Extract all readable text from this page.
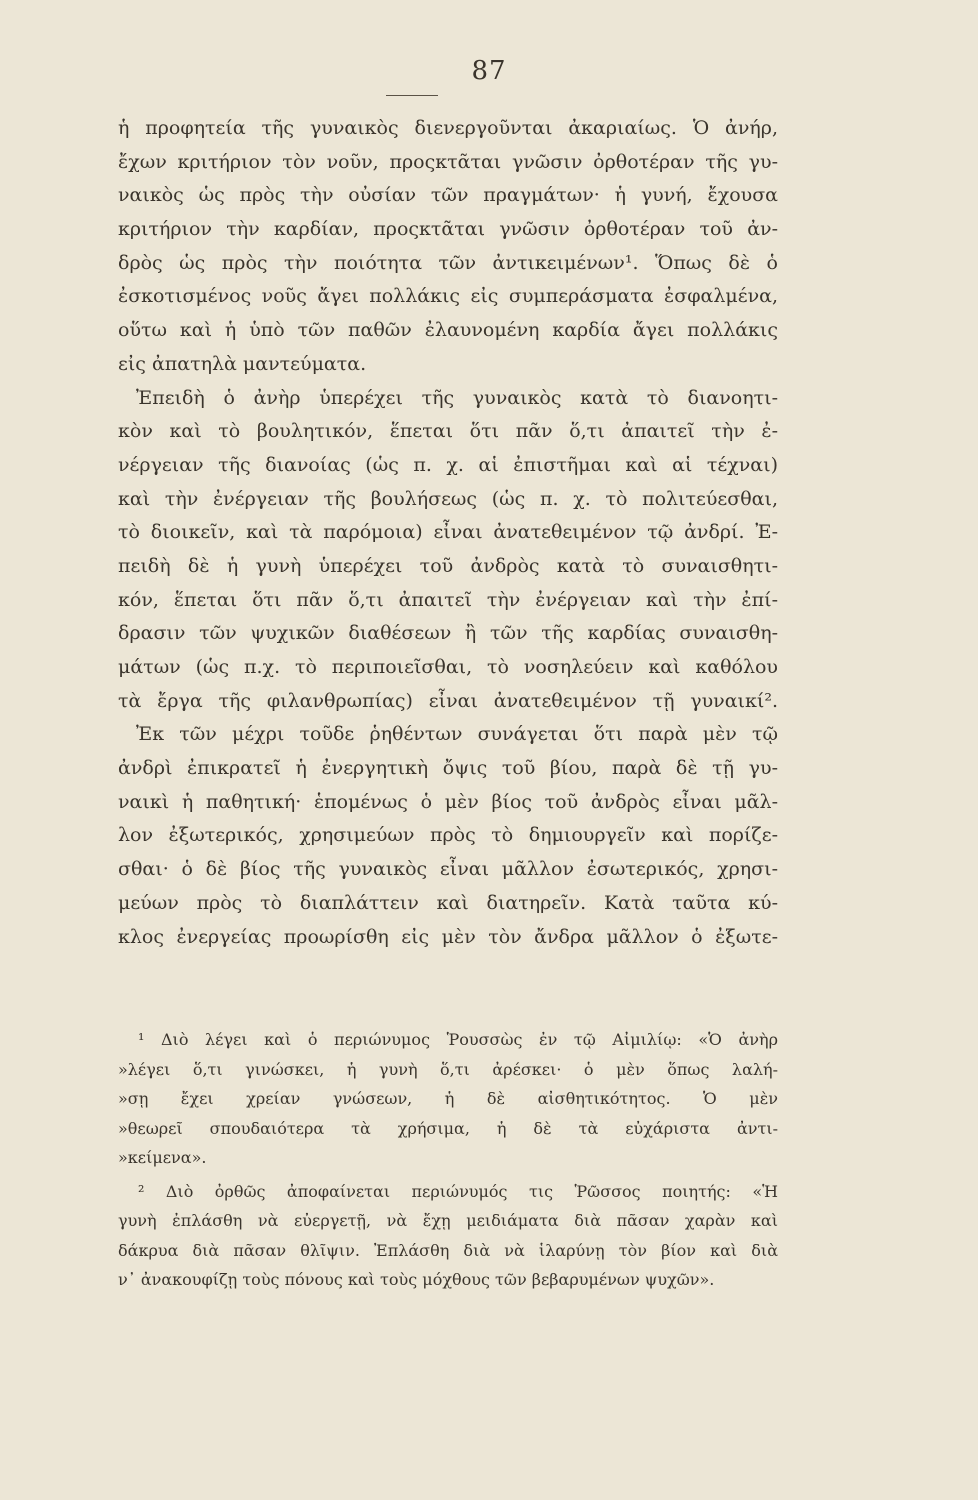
87
ἡ προφητεία τῆς γυναικὸς διενεργοῦνται ἀκαριαίως. Ὁ ἀνήρ,
ἔχων κριτήριον τὸν νοῦν, προςκτᾶται γνῶσιν ὀρθοτέραν τῆς γυ-
ναικὸς ὡς πρὸς τὴν οὐσίαν τῶν πραγμάτων· ἡ γυνή, ἔχουσα
κριτήριον τὴν καρδίαν, προςκτᾶται γνῶσιν ὀρθοτέραν τοῦ ἀν-
δρὸς ὡς πρὸς τὴν ποιότητα τῶν ἀντικειμένων¹. Ὅπως δὲ ὁ
ἐσκοτισμένος νοῦς ἄγει πολλάκις εἰς συμπεράσματα ἐσφαλμένα,
οὕτω καὶ ἡ ὑπὸ τῶν παθῶν ἐλαυνομένη καρδία ἄγει πολλάκις
εἰς ἀπατηλὰ μαντεύματα.
Ἐπειδὴ ὁ ἀνὴρ ὑπερέχει τῆς γυναικὸς κατὰ τὸ διανοητι-
κὸν καὶ τὸ βουλητικόν, ἕπεται ὅτι πᾶν ὅ,τι ἀπαιτεῖ τὴν ἐ-
νέργειαν τῆς διανοίας (ὡς π. χ. αἱ ἐπιστῆμαι καὶ αἱ τέχναι)
καὶ τὴν ἐνέργειαν τῆς βουλήσεως (ὡς π. χ. τὸ πολιτεύεσθαι,
τὸ διοικεῖν, καὶ τὰ παρόμοια) εἶναι ἀνατεθειμένον τῷ ἀνδρί. Ἐ-
πειδὴ δὲ ἡ γυνὴ ὑπερέχει τοῦ ἀνδρὸς κατὰ τὸ συναισθητι-
κόν, ἕπεται ὅτι πᾶν ὅ,τι ἀπαιτεῖ τὴν ἐνέργειαν καὶ τὴν ἐπί-
δρασιν τῶν ψυχικῶν διαθέσεων ἢ τῶν τῆς καρδίας συναισθη-
μάτων (ὡς π.χ. τὸ περιποιεῖσθαι, τὸ νοσηλεύειν καὶ καθόλου
τὰ ἔργα τῆς φιλανθρωπίας) εἶναι ἀνατεθειμένον τῇ γυναικί².
Ἐκ τῶν μέχρι τοῦδε ῥηθέντων συνάγεται ὅτι παρὰ μὲν τῷ
ἀνδρὶ ἐπικρατεῖ ἡ ἐνεργητικὴ ὄψις τοῦ βίου, παρὰ δὲ τῇ γυ-
ναικὶ ἡ παθητική· ἑπομένως ὁ μὲν βίος τοῦ ἀνδρὸς εἶναι μᾶλ-
λον ἐξωτερικός, χρησιμεύων πρὸς τὸ δημιουργεῖν καὶ πορίζε-
σθαι· ὁ δὲ βίος τῆς γυναικὸς εἶναι μᾶλλον ἐσωτερικός, χρησι-
μεύων πρὸς τὸ διαπλάττειν καὶ διατηρεῖν. Κατὰ ταῦτα κύ-
κλος ἐνεργείας προωρίσθη εἰς μὲν τὸν ἄνδρα μᾶλλον ὁ ἐξωτε-
¹ Διὸ λέγει καὶ ὁ περιώνυμος Ῥουσσὼς ἐν τῷ Αἰμιλίῳ: «Ὁ ἀνὴρ
»λέγει ὅ,τι γινώσκει, ἡ γυνὴ ὅ,τι ἀρέσκει· ὁ μὲν ὅπως λαλή-
»σῃ ἔχει χρείαν γνώσεων, ἡ δὲ αἰσθητικότητος. Ὁ μὲν
»θεωρεῖ σπουδαιότερα τὰ χρήσιμα, ἡ δὲ τὰ εὐχάριστα ἀντι-
»κείμενα».
² Διὸ ὀρθῶς ἀποφαίνεται περιώνυμός τις Ῥῶσσος ποιητής: «Ἡ
γυνὴ ἐπλάσθη νὰ εὐεργετῇ, νὰ ἔχῃ μειδιάματα διὰ πᾶσαν χαρὰν καὶ
δάκρυα διὰ πᾶσαν θλῖψιν. Ἐπλάσθη διὰ νὰ ἱλαρύνῃ τὸν βίον καὶ διὰ
ν᾿ ἀνακουφίζῃ τοὺς πόνους καὶ τοὺς μόχθους τῶν βεβαρυμένων ψυχῶν».
